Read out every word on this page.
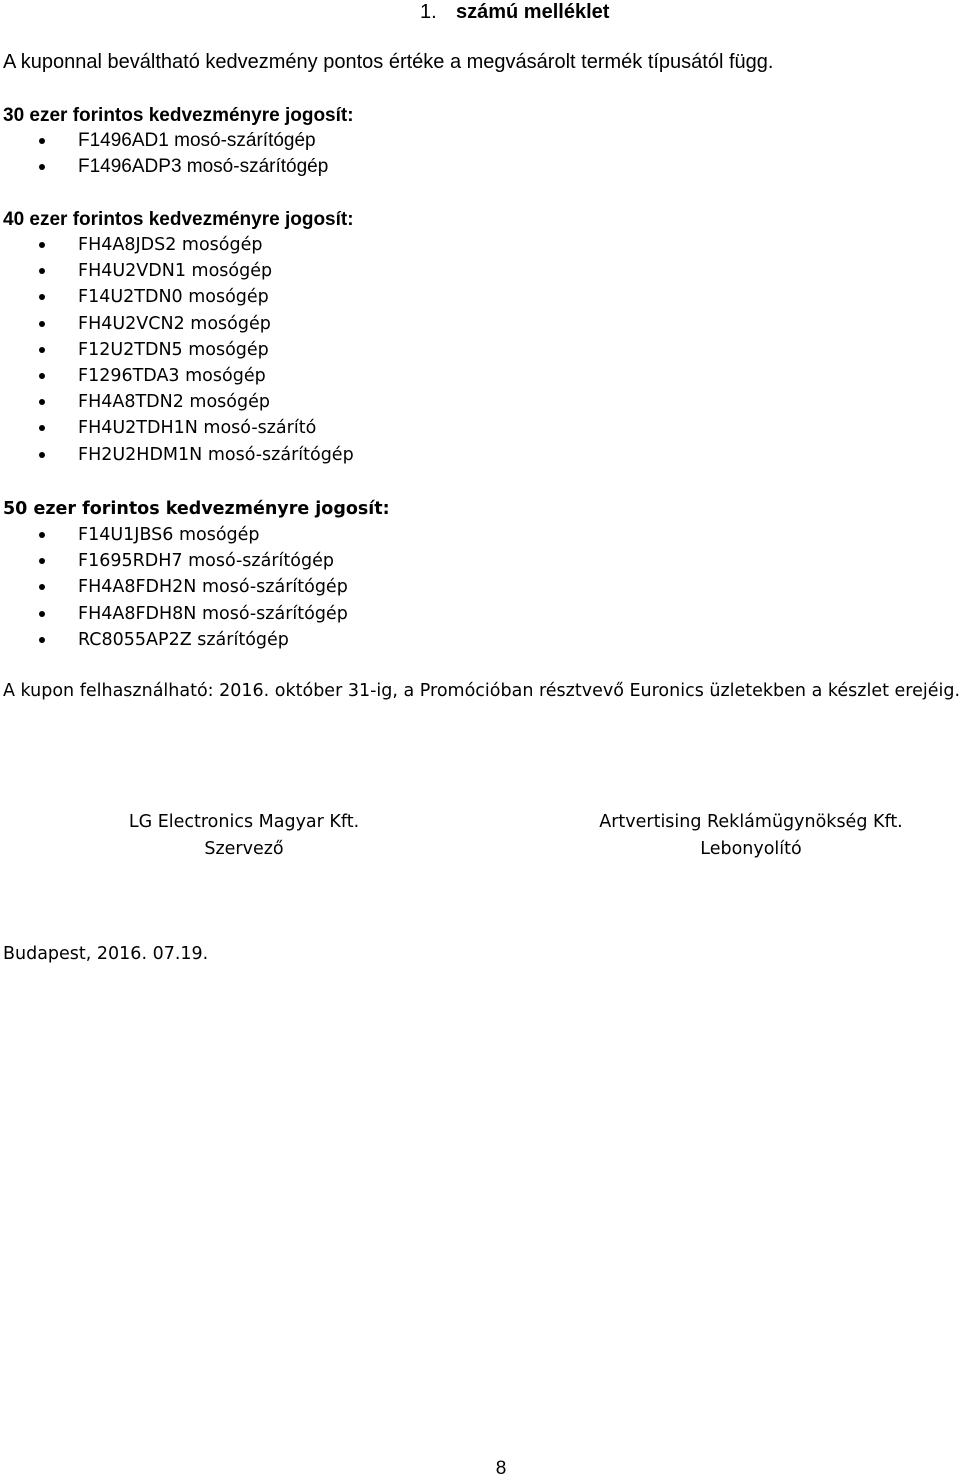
1. számú melléklet
A kuponnal beváltható kedvezmény pontos értéke a megvásárolt termék típusától függ.
30 ezer forintos kedvezményre jogosít:
F1496AD1 mosó-szárítógép
F1496ADP3 mosó-szárítógép
40 ezer forintos kedvezményre jogosít:
FH4A8JDS2 mosógép
FH4U2VDN1 mosógép
F14U2TDN0 mosógép
FH4U2VCN2 mosógép
F12U2TDN5 mosógép
F1296TDA3 mosógép
FH4A8TDN2 mosógép
FH4U2TDH1N mosó-szárító
FH2U2HDM1N mosó-szárítógép
50 ezer forintos kedvezményre jogosít:
F14U1JBS6 mosógép
F1695RDH7 mosó-szárítógép
FH4A8FDH2N mosó-szárítógép
FH4A8FDH8N mosó-szárítógép
RC8055AP2Z szárítógép
A kupon felhasználható: 2016. október 31-ig, a Promócióban résztvevő Euronics üzletekben a készlet erejéig.
LG Electronics Magyar Kft.
Szervező
Artvertising Reklámügynökség Kft.
Lebonyolító
Budapest, 2016. 07.19.
8
